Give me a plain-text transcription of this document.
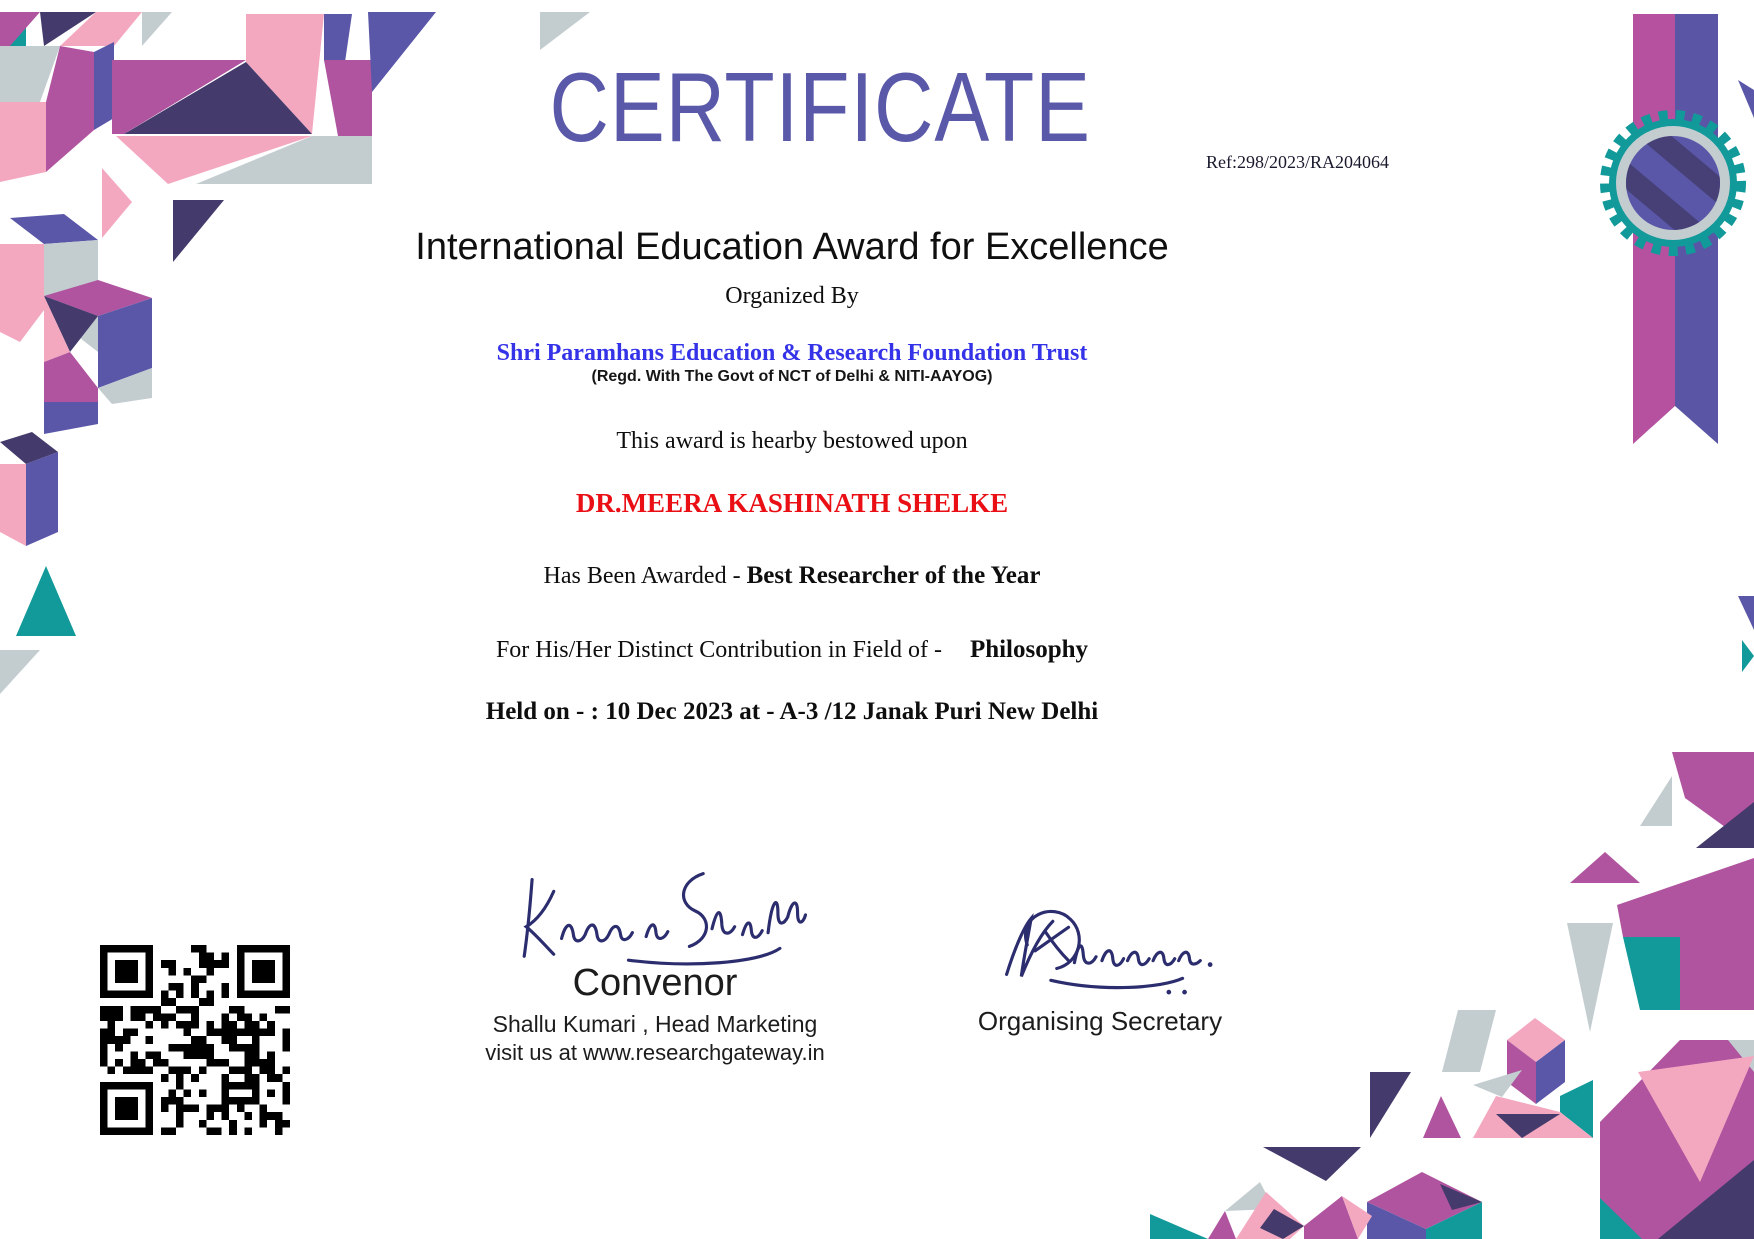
CERTIFICATE	Ref:298/2023/RA204064
International Education Award for Excellence
Organized By
Shri Paramhans Education & Research Foundation Trust
(Regd. With The Govt of NCT of Delhi & NITI-AAYOG)
This award is hearby bestowed upon
DR.MEERA KASHINATH SHELKE
Has Been Awarded - Best Researcher of the Year
For His/Her Distinct Contribution in Field of - Philosophy
Held on - : 10 Dec 2023 at - A-3 /12 Janak Puri New Delhi
Convenor
Shallu Kumari , Head Marketing
visit us at www.researchgateway.in
Organising Secretary
